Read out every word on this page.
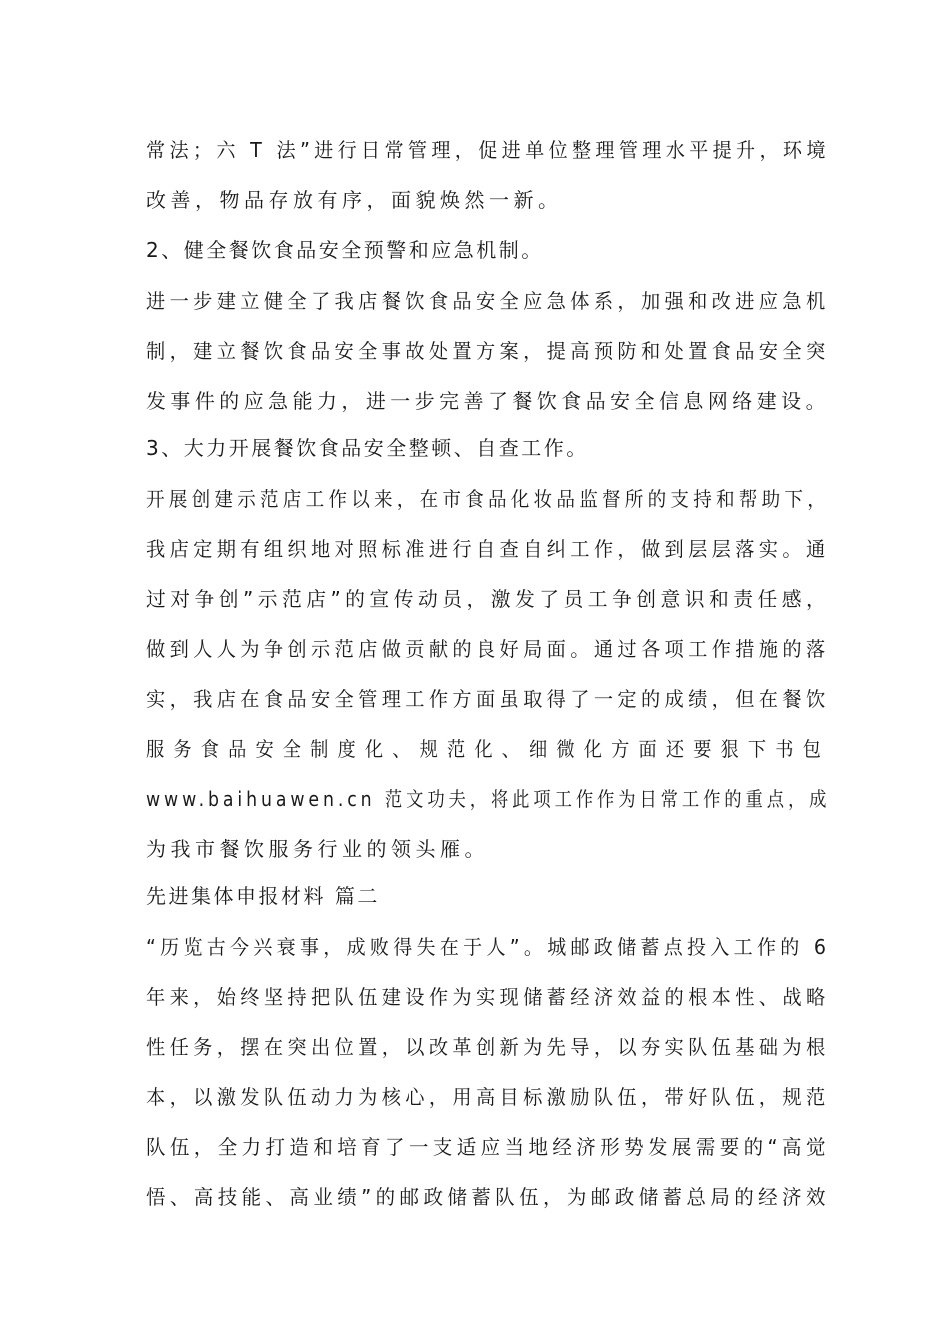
常法；六 T 法”进行日常管理，促进单位整理管理水平提升，环境
改善，物品存放有序，面貌焕然一新。
2、健全餐饮食品安全预警和应急机制。
进一步建立健全了我店餐饮食品安全应急体系，加强和改进应急机
制，建立餐饮食品安全事故处置方案，提高预防和处置食品安全突
发事件的应急能力，进一步完善了餐饮食品安全信息网络建设。
3、大力开展餐饮食品安全整顿、自查工作。
开展创建示范店工作以来，在市食品化妆品监督所的支持和帮助下，
我店定期有组织地对照标准进行自查自纠工作，做到层层落实。通
过对争创”示范店”的宣传动员，激发了员工争创意识和责任感，
做到人人为争创示范店做贡献的良好局面。通过各项工作措施的落
实，我店在食品安全管理工作方面虽取得了一定的成绩，但在餐饮
服务食品安全制度化、规范化、细微化方面还要狠下书包
www.baihuawen.cn 范文功夫，将此项工作作为日常工作的重点，成
为我市餐饮服务行业的领头雁。
先进集体申报材料 篇二
“历览古今兴衰事，成败得失在于人”。城邮政储蓄点投入工作的 6
年来，始终坚持把队伍建设作为实现储蓄经济效益的根本性、战略
性任务，摆在突出位置，以改革创新为先导，以夯实队伍基础为根
本，以激发队伍动力为核心，用高目标激励队伍，带好队伍，规范
队伍，全力打造和培育了一支适应当地经济形势发展需要的“高觉
悟、高技能、高业绩”的邮政储蓄队伍，为邮政储蓄总局的经济效
